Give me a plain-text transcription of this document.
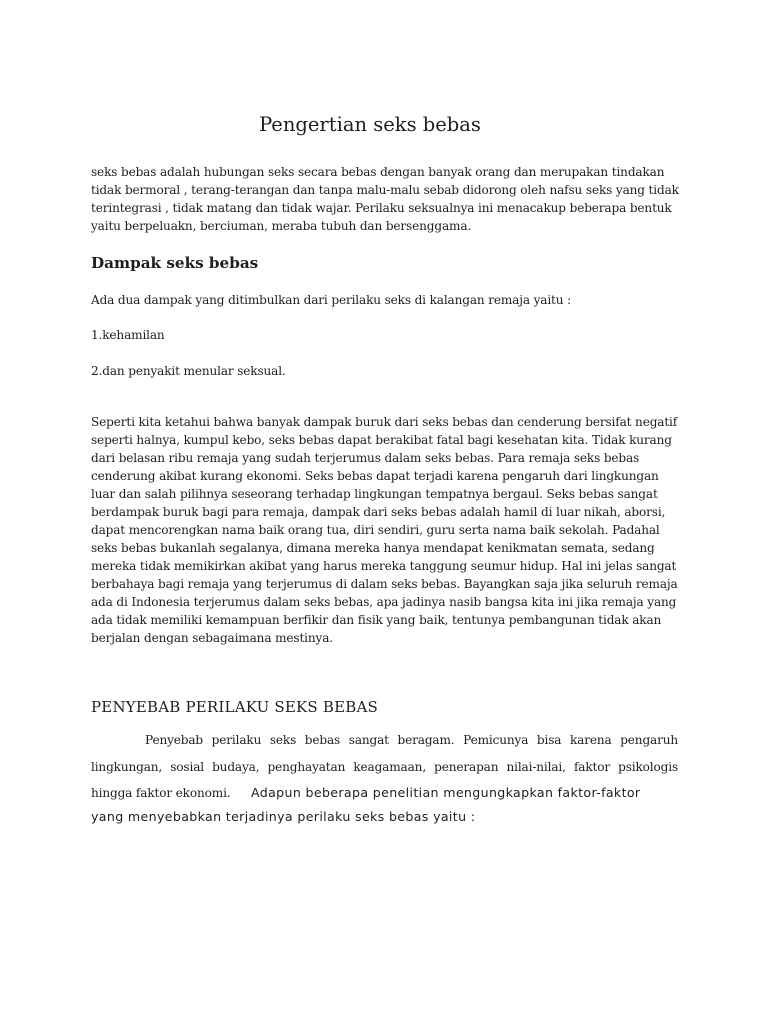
Pengertian seks bebas

seks bebas adalah hubungan seks secara bebas dengan banyak orang dan merupakan tindakan

tidak bermoral , terang-terangan dan tanpa malu-malu sebab didorong oleh nafsu seks yang tidak

terintegrasi , tidak matang dan tidak wajar. Perilaku seksualnya ini menacakup beberapa bentuk

yaitu berpeluakn, berciuman, meraba tubuh dan bersenggama.

Dampak seks bebas

Ada dua dampak yang ditimbulkan dari perilaku seks di kalangan remaja yaitu :

1.kehamilan

2.dan penyakit menular seksual.

Seperti kita ketahui bahwa banyak dampak buruk dari seks bebas dan cenderung bersifat negatif

seperti halnya, kumpul kebo, seks bebas dapat berakibat fatal bagi kesehatan kita. Tidak kurang

dari belasan ribu remaja yang sudah terjerumus dalam seks bebas. Para remaja seks bebas

cenderung akibat kurang ekonomi. Seks bebas dapat terjadi karena pengaruh dari lingkungan

luar dan salah pilihnya seseorang terhadap lingkungan tempatnya bergaul. Seks bebas sangat

berdampak buruk bagi para remaja, dampak dari seks bebas adalah hamil di luar nikah, aborsi,

dapat mencorengkan nama baik orang tua, diri sendiri, guru serta nama baik sekolah. Padahal

seks bebas bukanlah segalanya, dimana mereka hanya mendapat kenikmatan semata, sedang

mereka tidak memikirkan akibat yang harus mereka tanggung seumur hidup. Hal ini jelas sangat

berbahaya bagi remaja yang terjerumus di dalam seks bebas. Bayangkan saja jika seluruh remaja

ada di Indonesia terjerumus dalam seks bebas, apa jadinya nasib bangsa kita ini jika remaja yang

ada tidak memiliki kemampuan berfikir dan fisik yang baik, tentunya pembangunan tidak akan

berjalan dengan sebagaimana mestinya.

PENYEBAB PERILAKU SEKS BEBAS

Penyebab perilaku seks bebas sangat beragam. Pemicunya bisa karena pengaruh

lingkungan, sosial budaya, penghayatan keagamaan, penerapan nilai-nilai, faktor psikologis

hingga faktor ekonomi. Adapun beberapa penelitian mengungkapkan faktor-faktor

yang menyebabkan terjadinya perilaku seks bebas yaitu :
